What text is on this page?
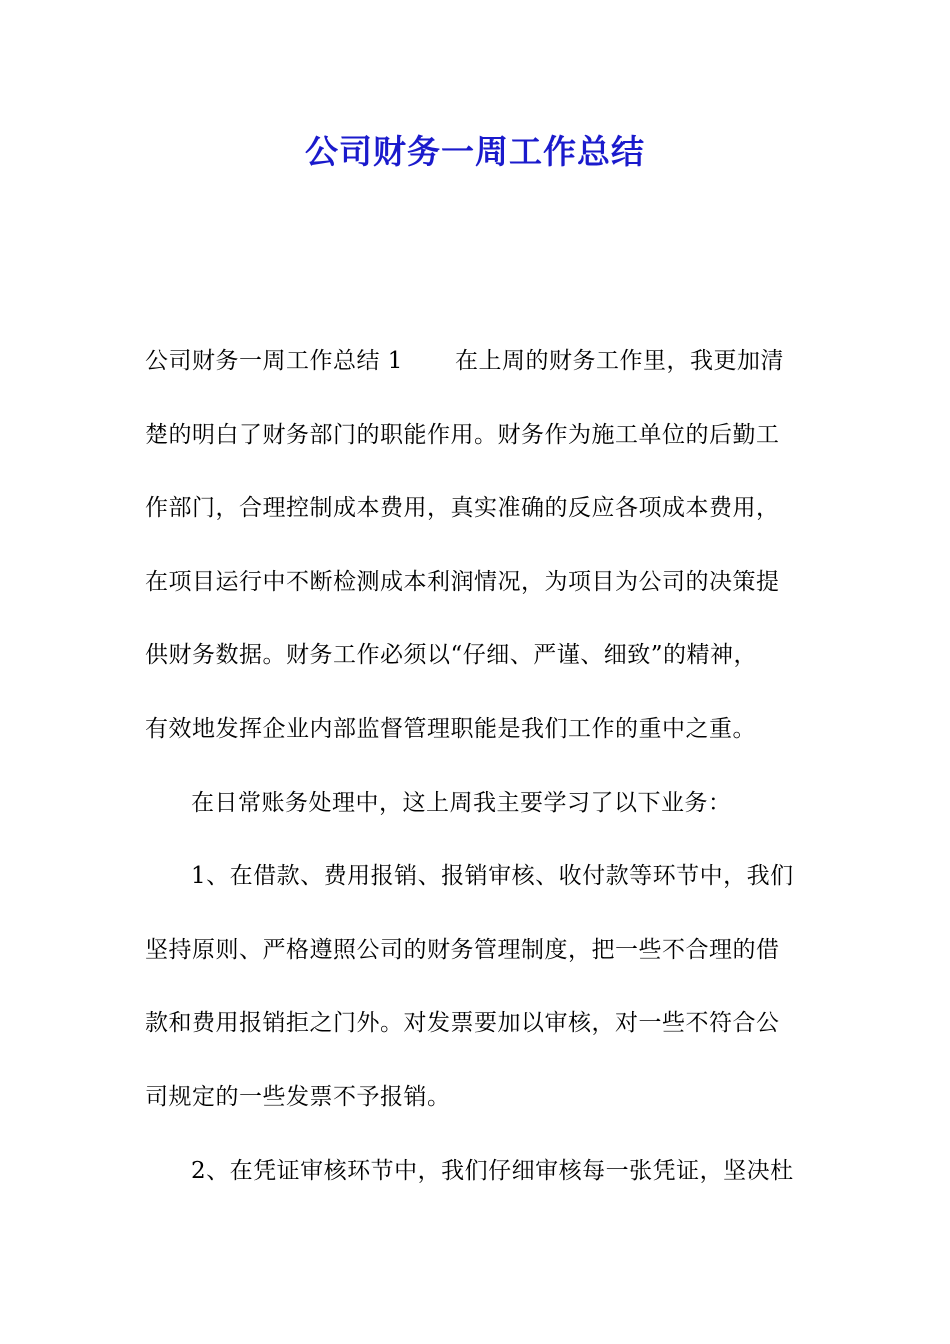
公司财务一周工作总结
公司财务一周工作总结 1 在上周的财务工作里，我更加清
楚的明白了财务部门的职能作用。财务作为施工单位的后勤工
作部门，合理控制成本费用，真实准确的反应各项成本费用，
在项目运行中不断检测成本利润情况，为项目为公司的决策提
供财务数据。财务工作必须以“仔细、严谨、细致”的精神，
有效地发挥企业内部监督管理职能是我们工作的重中之重。
在日常账务处理中，这上周我主要学习了以下业务：
1、在借款、费用报销、报销审核、收付款等环节中，我们
坚持原则、严格遵照公司的财务管理制度，把一些不合理的借
款和费用报销拒之门外。对发票要加以审核，对一些不符合公
司规定的一些发票不予报销。
2、在凭证审核环节中，我们仔细审核每一张凭证，坚决杜
